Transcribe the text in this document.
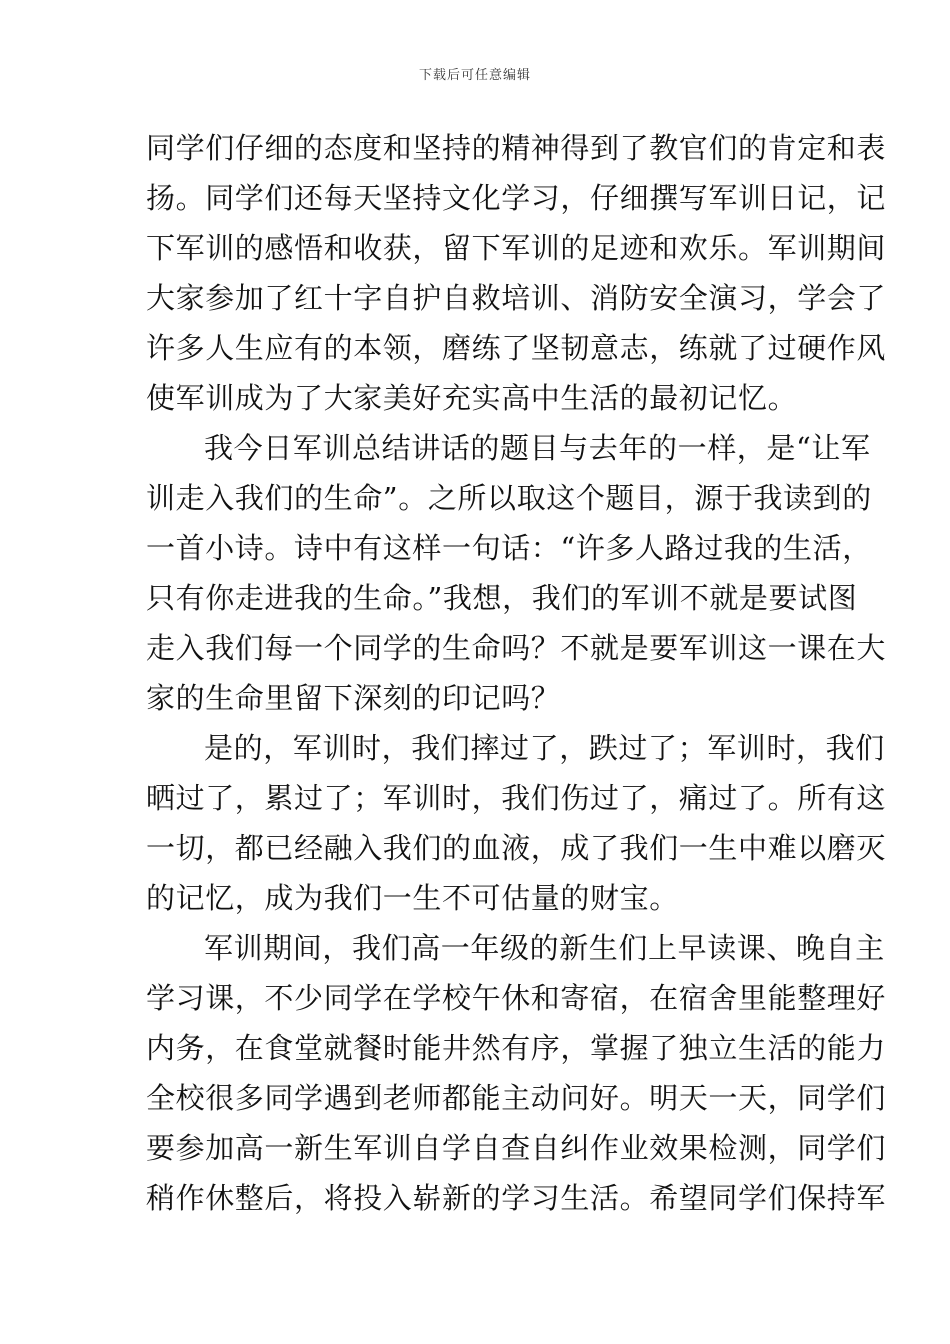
下载后可任意编辑
同学们仔细的态度和坚持的精神得到了教官们的肯定和表
扬。同学们还每天坚持文化学习，仔细撰写军训日记，记
下军训的感悟和收获，留下军训的足迹和欢乐。军训期间
大家参加了红十字自护自救培训、消防安全演习，学会了
许多人生应有的本领，磨练了坚韧意志，练就了过硬作风
使军训成为了大家美好充实高中生活的最初记忆。
我今日军训总结讲话的题目与去年的一样，是“让军
训走入我们的生命”。之所以取这个题目，源于我读到的
一首小诗。诗中有这样一句话：“许多人路过我的生活，
只有你走进我的生命。”我想，我们的军训不就是要试图
走入我们每一个同学的生命吗？不就是要军训这一课在大
家的生命里留下深刻的印记吗？
是的，军训时，我们摔过了，跌过了；军训时，我们
晒过了，累过了；军训时，我们伤过了，痛过了。所有这
一切，都已经融入我们的血液，成了我们一生中难以磨灭
的记忆，成为我们一生不可估量的财宝。
军训期间，我们高一年级的新生们上早读课、晚自主
学习课，不少同学在学校午休和寄宿，在宿舍里能整理好
内务，在食堂就餐时能井然有序，掌握了独立生活的能力
全校很多同学遇到老师都能主动问好。明天一天，同学们
要参加高一新生军训自学自查自纠作业效果检测，同学们
稍作休整后，将投入崭新的学习生活。希望同学们保持军
